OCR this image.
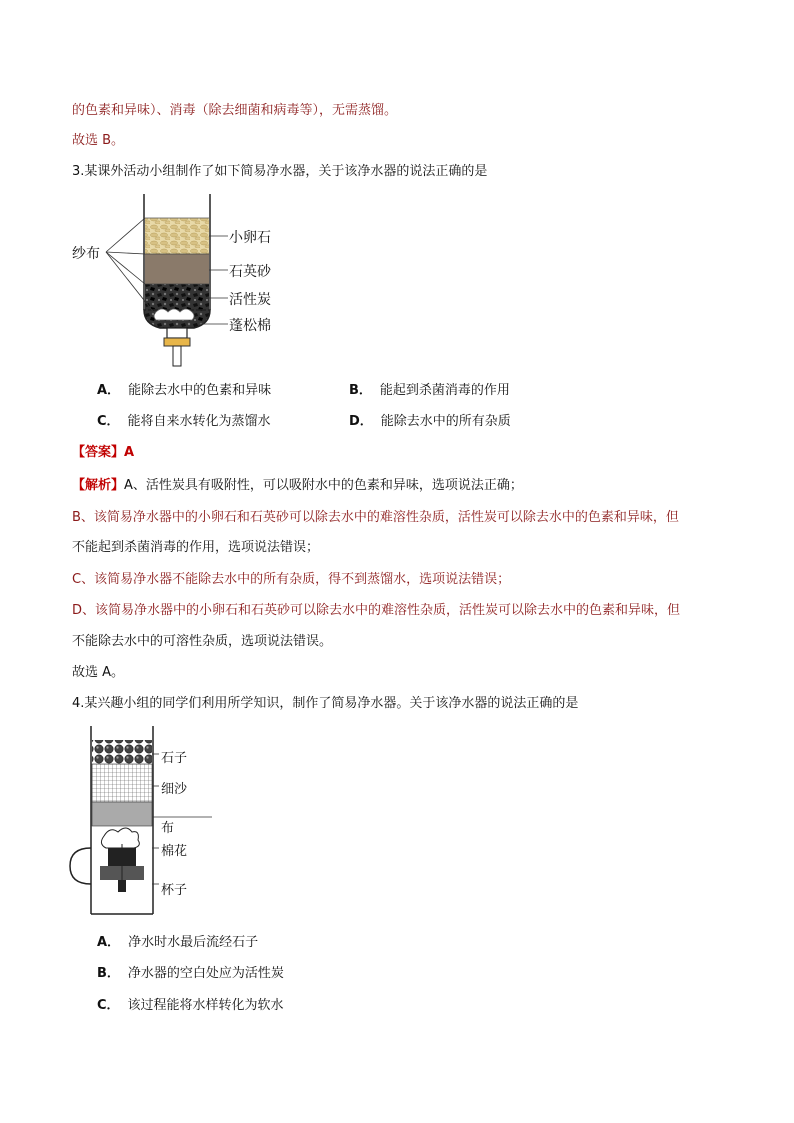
的色素和异味）、消毒（除去细菌和病毒等），无需蒸馏。
故选 B。
3.某课外活动小组制作了如下简易净水器，关于该净水器的说法正确的是
纱布
小卵石
石英砂
活性炭
蓬松棉
A． 能除去水中的色素和异味	B． 能起到杀菌消毒的作用
C． 能将自来水转化为蒸馏水	D． 能除去水中的所有杂质
【答案】A
【解析】A、活性炭具有吸附性，可以吸附水中的色素和异味，选项说法正确；
B、该简易净水器中的小卵石和石英砂可以除去水中的难溶性杂质，活性炭可以除去水中的色素和异味，但
不能起到杀菌消毒的作用，选项说法错误；
C、该简易净水器不能除去水中的所有杂质，得不到蒸馏水，选项说法错误；
D、该简易净水器中的小卵石和石英砂可以除去水中的难溶性杂质，活性炭可以除去水中的色素和异味，但
不能除去水中的可溶性杂质，选项说法错误。
故选 A。
4.某兴趣小组的同学们利用所学知识，制作了简易净水器。关于该净水器的说法正确的是
石子
细沙
布
棉花
杯子
A． 净水时水最后流经石子
B． 净水器的空白处应为活性炭
C． 该过程能将水样转化为软水
